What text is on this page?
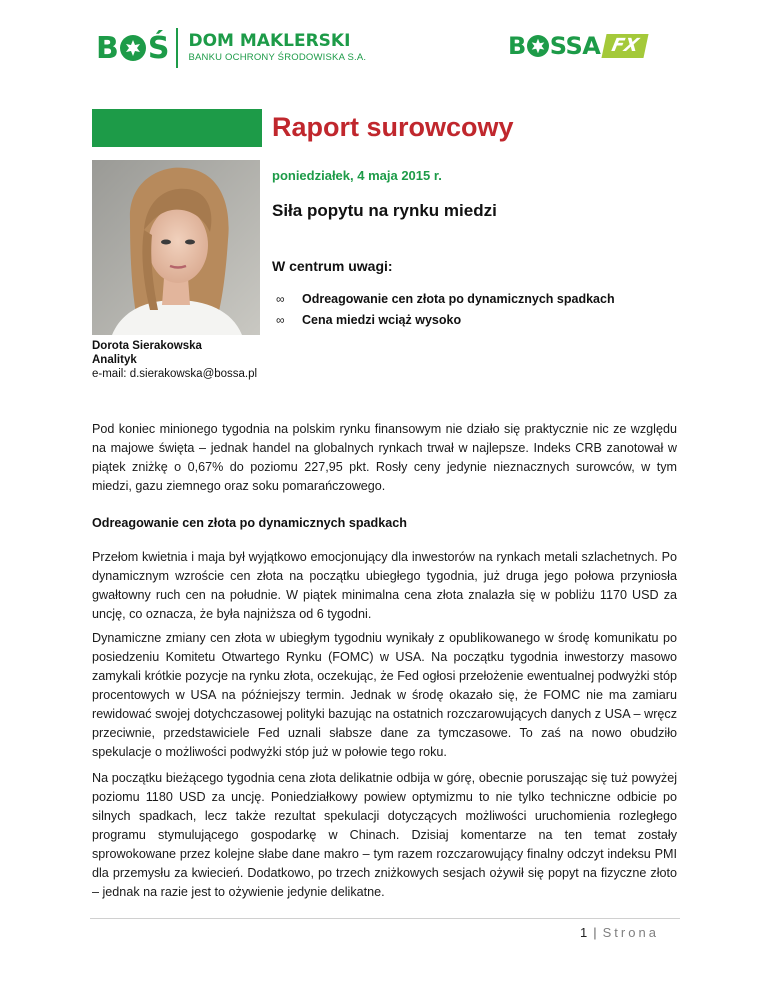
B Ś DOM MAKLERSKI
BANKU OCHRONY ŚRODOWISKA S.A.	B SSA FX
Raport surowcowy
poniedziałek, 4 maja 2015 r.
Siła popytu na rynku miedzi
W centrum uwagi:
∞	Odreagowanie cen złota po dynamicznych spadkach
∞	Cena miedzi wciąż wysoko
Dorota Sierakowska
Analityk
e-mail: d.sierakowska@bossa.pl

Pod koniec minionego tygodnia na polskim rynku finansowym nie działo się praktycznie nic ze względu na majowe święta – jednak handel na globalnych rynkach trwał w najlepsze. Indeks CRB zanotował w piątek zniżkę o 0,67% do poziomu 227,95 pkt. Rosły ceny jedynie nieznacznych surowców, w tym miedzi, gazu ziemnego oraz soku pomarańczowego.

Odreagowanie cen złota po dynamicznych spadkach

Przełom kwietnia i maja był wyjątkowo emocjonujący dla inwestorów na rynkach metali szlachetnych. Po dynamicznym wzroście cen złota na początku ubiegłego tygodnia, już druga jego połowa przyniosła gwałtowny ruch cen na południe. W piątek minimalna cena złota znalazła się w pobliżu 1170 USD za uncję, co oznacza, że była najniższa od 6 tygodni.

Dynamiczne zmiany cen złota w ubiegłym tygodniu wynikały z opublikowanego w środę komunikatu po posiedzeniu Komitetu Otwartego Rynku (FOMC) w USA. Na początku tygodnia inwestorzy masowo zamykali krótkie pozycje na rynku złota, oczekując, że Fed ogłosi przełożenie ewentualnej podwyżki stóp procentowych w USA na późniejszy termin. Jednak w środę okazało się, że FOMC nie ma zamiaru rewidować swojej dotychczasowej polityki bazując na ostatnich rozczarowujących danych z USA – wręcz przeciwnie, przedstawiciele Fed uznali słabsze dane za tymczasowe. To zaś na nowo obudziło spekulacje o możliwości podwyżki stóp już w połowie tego roku.

Na początku bieżącego tygodnia cena złota delikatnie odbija w górę, obecnie poruszając się tuż powyżej poziomu 1180 USD za uncję. Poniedziałkowy powiew optymizmu to nie tylko techniczne odbicie po silnych spadkach, lecz także rezultat spekulacji dotyczących możliwości uruchomienia rozległego programu stymulującego gospodarkę w Chinach. Dzisiaj komentarze na ten temat zostały sprowokowane przez kolejne słabe dane makro – tym razem rozczarowujący finalny odczyt indeksu PMI dla przemysłu za kwiecień. Dodatkowo, po trzech zniżkowych sesjach ożywił się popyt na fizyczne złoto – jednak na razie jest to ożywienie jedynie delikatne.

1 | Strona
